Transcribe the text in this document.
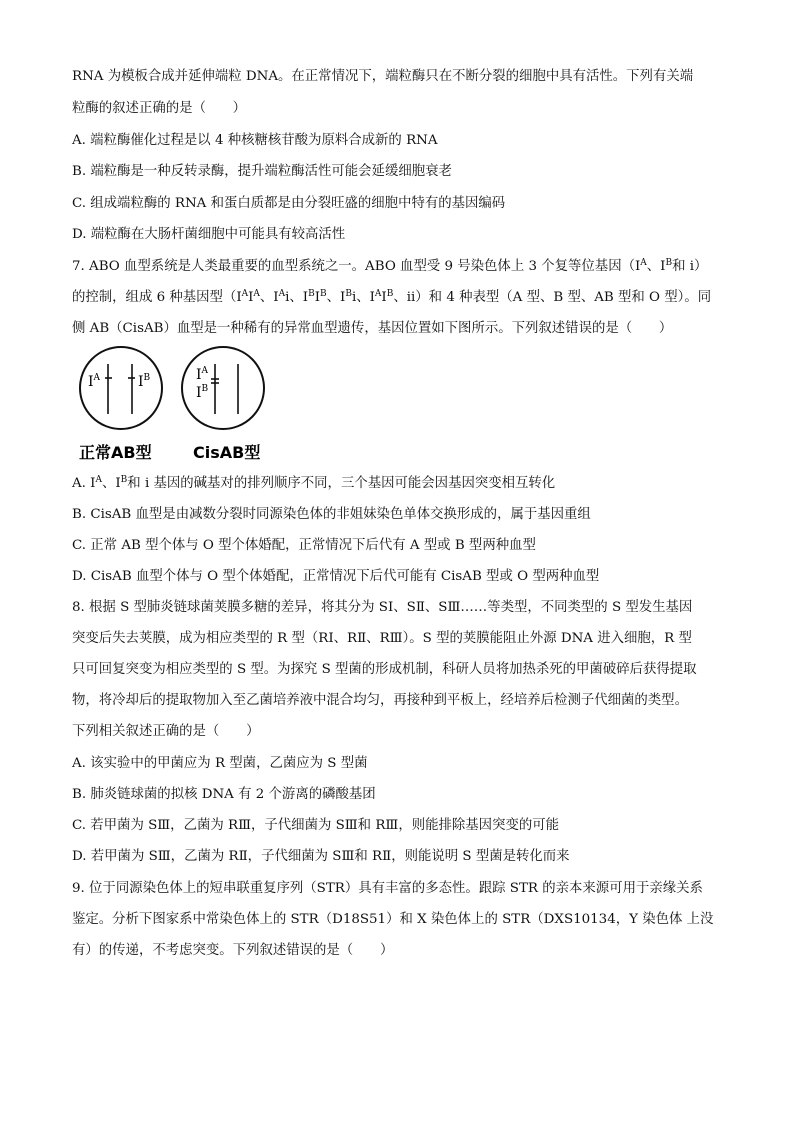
RNA 为模板合成并延伸端粒 DNA。在正常情况下，端粒酶只在不断分裂的细胞中具有活性。下列有关端
粒酶的叙述正确的是（　　）
A. 端粒酶催化过程是以 4 种核糖核苷酸为原料合成新的 RNA
B. 端粒酶是一种反转录酶，提升端粒酶活性可能会延缓细胞衰老
C. 组成端粒酶的 RNA 和蛋白质都是由分裂旺盛的细胞中特有的基因编码
D. 端粒酶在大肠杆菌细胞中可能具有较高活性
7. ABO 血型系统是人类最重要的血型系统之一。ABO 血型受 9 号染色体上 3 个复等位基因（$I^A$、$I^B$和 i）
的控制，组成 6 种基因型（$I^AI^A$、$I^Ai$、$I^BI^B$、$I^Bi$、$I^AI^B$、ii）和 4 种表型（A 型、B 型、AB 型和 O 型）。同
侧 AB（CisAB）血型是一种稀有的异常血型遗传，基因位置如下图所示。下列叙述错误的是（　　）
$I^A$	$I^B$	$I^A$
$I^B$
正常AB型	CisAB型
A. $I^A$、$I^B$和 i 基因的碱基对的排列顺序不同，三个基因可能会因基因突变相互转化
B. CisAB 血型是由减数分裂时同源染色体的非姐妹染色单体交换形成的，属于基因重组
C. 正常 AB 型个体与 O 型个体婚配，正常情况下后代有 A 型或 B 型两种血型
D. CisAB 血型个体与 O 型个体婚配，正常情况下后代可能有 CisAB 型或 O 型两种血型
8. 根据 S 型肺炎链球菌荚膜多糖的差异，将其分为 SⅠ、SⅡ、SⅢ……等类型，不同类型的 S 型发生基因
突变后失去荚膜，成为相应类型的 R 型（RⅠ、RⅡ、RⅢ）。S 型的荚膜能阻止外源 DNA 进入细胞，R 型
只可回复突变为相应类型的 S 型。为探究 S 型菌的形成机制，科研人员将加热杀死的甲菌破碎后获得提取
物，将冷却后的提取物加入至乙菌培养液中混合均匀，再接种到平板上，经培养后检测子代细菌的类型。
下列相关叙述正确的是（　　）
A. 该实验中的甲菌应为 R 型菌，乙菌应为 S 型菌
B. 肺炎链球菌的拟核 DNA 有 2 个游离的磷酸基团
C. 若甲菌为 SⅢ，乙菌为 RⅢ，子代细菌为 SⅢ和 RⅢ，则能排除基因突变的可能
D. 若甲菌为 SⅢ，乙菌为 RⅡ，子代细菌为 SⅢ和 RⅡ，则能说明 S 型菌是转化而来
9. 位于同源染色体上的短串联重复序列（STR）具有丰富的多态性。跟踪 STR 的亲本来源可用于亲缘关系
鉴定。分析下图家系中常染色体上的 STR（D18S51）和 X 染色体上的 STR（DXS10134，Y 染色体 上没
有）的传递，不考虑突变。下列叙述错误的是（　　）
